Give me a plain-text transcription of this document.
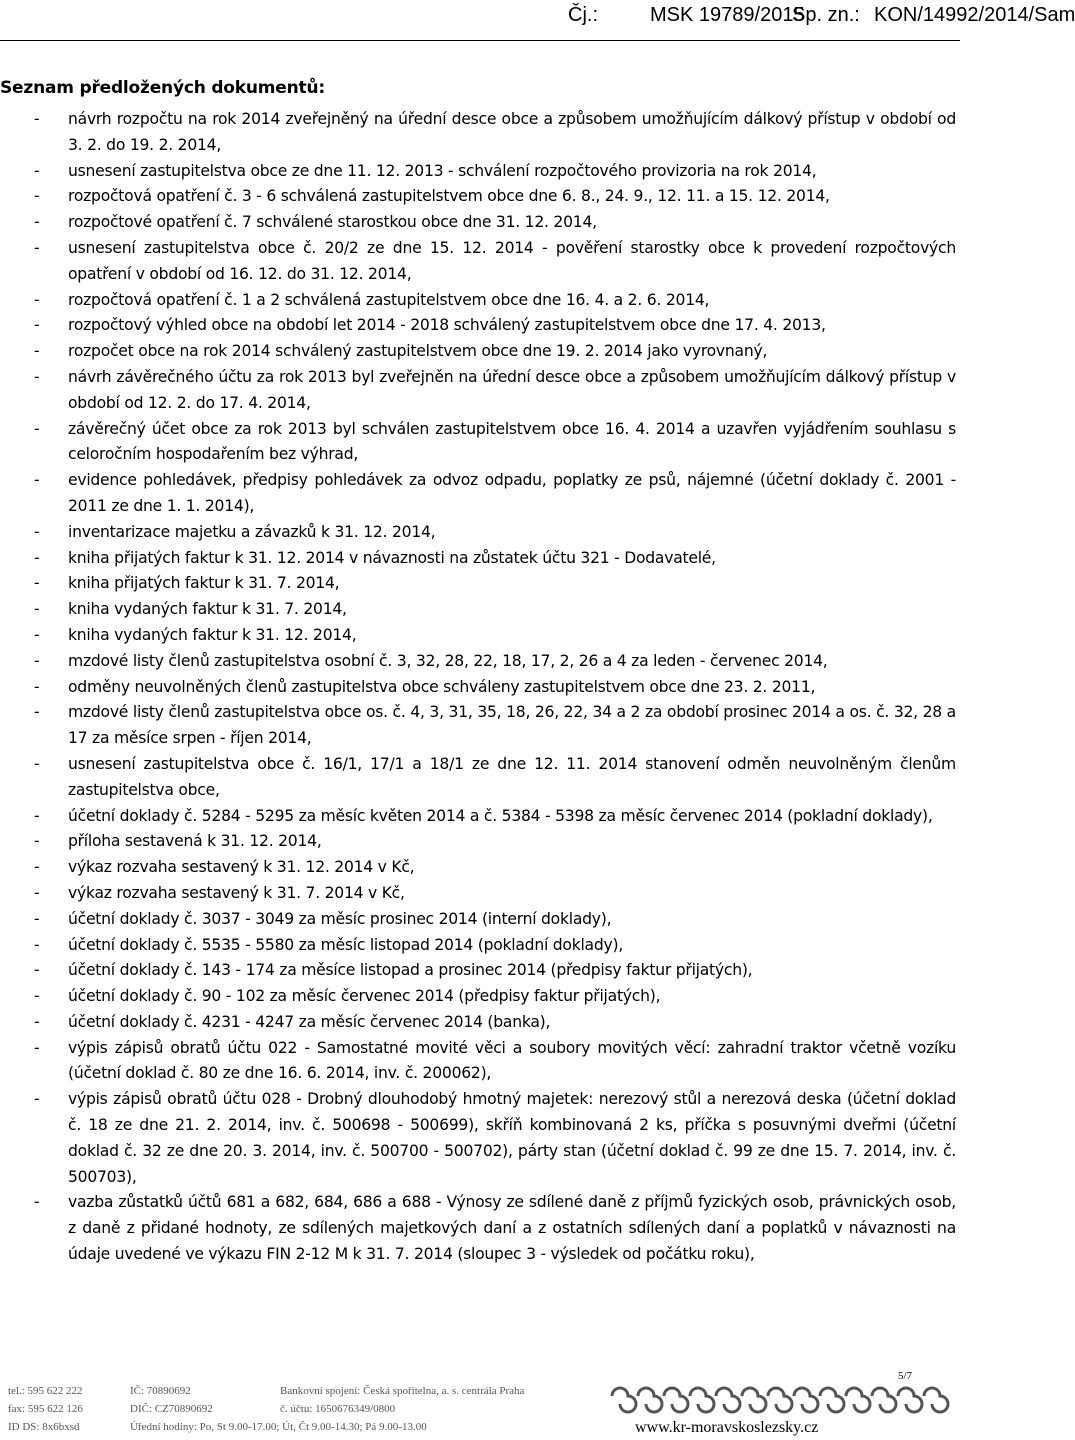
Čj.:	MSK 19789/2015
Sp. zn.: KON/14992/2014/Sam
Seznam předložených dokumentů:
- návrh rozpočtu na rok 2014 zveřejněný na úřední desce obce a způsobem umožňujícím dálkový přístup v období od 3. 2. do 19. 2. 2014,
- usnesení zastupitelstva obce ze dne 11. 12. 2013 - schválení rozpočtového provizoria na rok 2014,
- rozpočtová opatření č. 3 - 6 schválená zastupitelstvem obce dne 6. 8., 24. 9., 12. 11. a 15. 12. 2014,
- rozpočtové opatření č. 7 schválené starostkou obce dne 31. 12. 2014,
- usnesení zastupitelstva obce č. 20/2 ze dne 15. 12. 2014 - pověření starostky obce k provedení rozpočtových opatření v období od 16. 12. do 31. 12. 2014,
- rozpočtová opatření č. 1 a 2 schválená zastupitelstvem obce dne 16. 4. a 2. 6. 2014,
- rozpočtový výhled obce na období let 2014 - 2018 schválený zastupitelstvem obce dne 17. 4. 2013,
- rozpočet obce na rok 2014 schválený zastupitelstvem obce dne 19. 2. 2014 jako vyrovnaný,
- návrh závěrečného účtu za rok 2013 byl zveřejněn na úřední desce obce a způsobem umožňujícím dálkový přístup v období od 12. 2. do 17. 4. 2014,
- závěrečný účet obce za rok 2013 byl schválen zastupitelstvem obce 16. 4. 2014 a uzavřen vyjádřením souhlasu s celoročním hospodařením bez výhrad,
- evidence pohledávek, předpisy pohledávek za odvoz odpadu, poplatky ze psů, nájemné (účetní doklady č. 2001 - 2011 ze dne 1. 1. 2014),
- inventarizace majetku a závazků k 31. 12. 2014,
- kniha přijatých faktur k 31. 12. 2014 v návaznosti na zůstatek účtu 321 - Dodavatelé,
- kniha přijatých faktur k 31. 7. 2014,
- kniha vydaných faktur k 31. 7. 2014,
- kniha vydaných faktur k 31. 12. 2014,
- mzdové listy členů zastupitelstva osobní č. 3, 32, 28, 22, 18, 17, 2, 26 a 4 za leden - červenec 2014,
- odměny neuvolněných členů zastupitelstva obce schváleny zastupitelstvem obce dne 23. 2. 2011,
- mzdové listy členů zastupitelstva obce os. č. 4, 3, 31, 35, 18, 26, 22, 34 a 2 za období prosinec 2014 a os. č. 32, 28 a 17 za měsíce srpen - říjen 2014,
- usnesení zastupitelstva obce č. 16/1, 17/1 a 18/1 ze dne 12. 11. 2014 stanovení odměn neuvolněným členům zastupitelstva obce,
- účetní doklady č. 5284 - 5295 za měsíc květen 2014 a č. 5384 - 5398 za měsíc červenec 2014 (pokladní doklady),
- příloha sestavená k 31. 12. 2014,
- výkaz rozvaha sestavený k 31. 12. 2014 v Kč,
- výkaz rozvaha sestavený k 31. 7. 2014 v Kč,
- účetní doklady č. 3037 - 3049 za měsíc prosinec 2014 (interní doklady),
- účetní doklady č. 5535 - 5580 za měsíc listopad 2014 (pokladní doklady),
- účetní doklady č. 143 - 174 za měsíce listopad a prosinec 2014 (předpisy faktur přijatých),
- účetní doklady č. 90 - 102 za měsíc červenec 2014 (předpisy faktur přijatých),
- účetní doklady č. 4231 - 4247 za měsíc červenec 2014 (banka),
- výpis zápisů obratů účtu 022 - Samostatné movité věci a soubory movitých věcí: zahradní traktor včetně vozíku (účetní doklad č. 80 ze dne 16. 6. 2014, inv. č. 200062),
- výpis zápisů obratů účtu 028 - Drobný dlouhodobý hmotný majetek: nerezový stůl a nerezová deska (účetní doklad č. 18 ze dne 21. 2. 2014, inv. č. 500698 - 500699), skříň kombinovaná 2 ks, příčka s posuvnými dveřmi (účetní doklad č. 32 ze dne 20. 3. 2014, inv. č. 500700 - 500702), párty stan (účetní doklad č. 99 ze dne 15. 7. 2014, inv. č. 500703),
- vazba zůstatků účtů 681 a 682, 684, 686 a 688 - Výnosy ze sdílené daně z příjmů fyzických osob, právnických osob, z daně z přidané hodnoty, ze sdílených majetkových daní a z ostatních sdílených daní a poplatků v návaznosti na údaje uvedené ve výkazu FIN 2-12 M k 31. 7. 2014 (sloupec 3 - výsledek od počátku roku),
5/7
tel.: 595 622 222	IČ: 70890692	Bankovní spojení: Česká spořitelna, a. s. centrála Praha
fax: 595 622 126	DIČ: CZ70890692	č. účtu: 1650676349/0800
ID DS: 8x6bxsd	Úřední hodiny: Po, St 9.00-17.00; Út, Čt 9.00-14.30; Pá 9.00-13.00	www.kr-moravskoslezsky.cz
